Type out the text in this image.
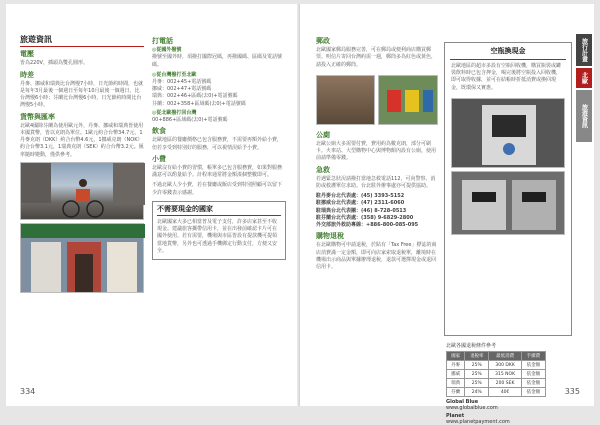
旅遊資訊
電壓
皆為220V，插頭為雙孔圓形。
時差
丹麥、挪威和瑞典比台灣慢7小時，日光節約時間，也就是每年3月最後一個週日至每年10月最後一個週日，比台灣慢6小時；芬蘭比台灣慢6小時，日光節約時間比台灣慢5小時。
貨幣與匯率
北歐4國除芬蘭為使用歐元外，丹麥、挪威和瑞典皆使用本國貨幣，皆以克朗為單位。1歐元約合台幣34.7元，1丹麥克朗（DKK）約合台幣4.6元，1挪威克朗（NOK）約合台幣3.1元，1瑞典克朗（SEK）約合台幣3.2元。匯率隨時變動，僅供參考。
打電話
◎從國外撥號
撥號至國外時，須撥打國際冠碼，再撥國碼、區碼及電話號碼。
◎從台灣撥打至北歐
丹麥：002+45+電話號碼
挪威：002+47+電話號碼
瑞典：002+46+區碼(去0)+電話號碼
芬蘭：002+358+區域碼(去0)+電話號碼
◎從北歐撥打回台灣
00+886+區域碼(去0)+電話號碼
飲食
北歐地區的餐廳價格已包含服務費，不需要再額外給小費，但若享受到特別好的服務，可以視情況給予小費。
小費
北歐沒有給小費的習慣，帳單多已包含服務費，如果對服務滿意可以酌量給予。計程車通常將金額湊個整數即可。
不過北歐人少小費，若在餐廳或飯店受到特別照顧可以留下少許零錢表示感謝。
不需要現金的國家
北歐國家大多已相當普及電子支付，許多店家甚至不收現金。建議旅客攜帶信用卡，並在出發前確認卡片可在國外使用。若有需要，機場與市區皆設有提款機可提領當地貨幣，另外也可透過手機綁定行動支付，方便又安全。
334
郵政
北歐國家郵局服務完善，可在郵局或便利商店購買郵票。明信片寄回台灣約需一週，郵筒多為紅色或黃色，請投入正確的郵筒。
公廁
北歐公廁大多需要付費，費用約為數克朗，部分可刷卡。火車站、大型購物中心與博物館內設有公廁，使用前請準備零錢。
急救
若遇緊急狀況請撥打當地急救電話112，可向警察、消防或救護單位求助。台北駐外辦事處亦可提供協助。
駐丹麥台北代表處：(45) 3393-5152
駐挪威台北代表處：(47) 2311-6060
駐瑞典台北代表團：(46) 8-728-0513
駐芬蘭台北代表處：(358) 9-6829-2800
外交部旅外救助專線：+886-800-085-095
購物退稅
在北歐購物可申請退稅，於貼有「Tax Free」標誌的商店消費滿一定金額，即可向店家索取退稅單，離境時在機場出示商品與單據辦理退稅，退款可選擇現金或退回信用卡。
空瓶換現金
北歐地區的超市多設有空瓶回收機，購買瓶裝或罐裝飲料時已包含押金，喝完後將空瓶投入回收機，即可取得收據，並可在結帳時折抵消費或換回現金，既環保又實惠。
北歐各國退稅條件參考
國家	退稅率	最低消費	手續費
丹麥	25%	300 DKK	依金額
挪威	25%	315 NOK	依金額
瑞典	25%	200 SEK	依金額
芬蘭	24%	40€	依金額
Global Blue
www.globalblue.com
Planet
www.planetpayment.com
旅行計畫
北歐
旅遊資訊
335
